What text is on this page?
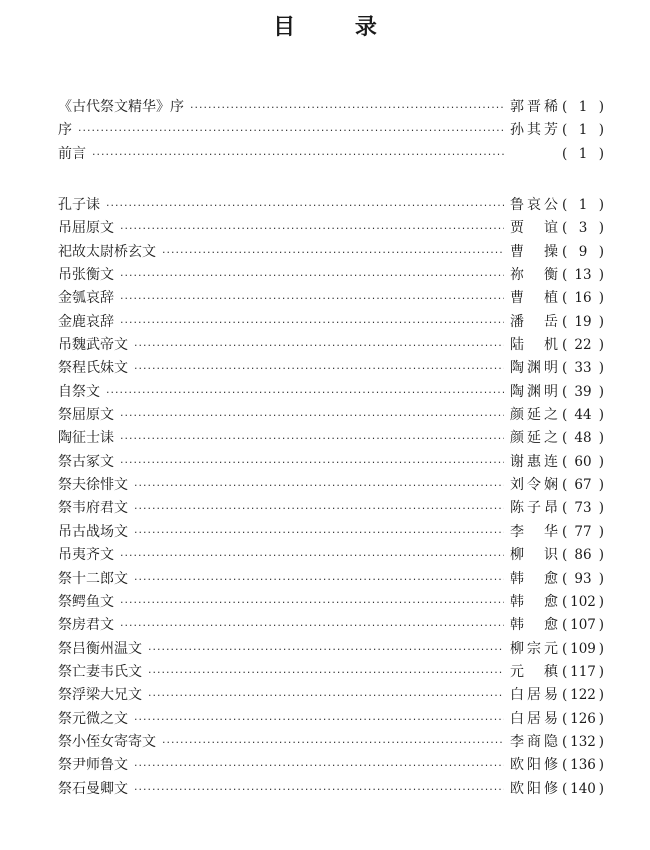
目 录
《古代祭文精华》序 ·····	郭晋稀 ( 1 )
序 ·····	孙其芳 ( 1 )
前言 ·····	( 1 )
孔子诔 ·····	鲁哀公 ( 1 )
吊屈原文 ·····	贾谊 ( 3 )
祀故太尉桥玄文 ·····	曹操 ( 9 )
吊张衡文 ·····	祢衡 ( 13 )
金瓠哀辞 ·····	曹植 ( 16 )
金鹿哀辞 ·····	潘岳 ( 19 )
吊魏武帝文 ·····	陆机 ( 22 )
祭程氏妹文 ·····	陶渊明 ( 33 )
自祭文 ·····	陶渊明 ( 39 )
祭屈原文 ·····	颜延之 ( 44 )
陶征士诔 ·····	颜延之 ( 48 )
祭古冢文 ·····	谢惠连 ( 60 )
祭夫徐悱文 ·····	刘令娴 ( 67 )
祭韦府君文 ·····	陈子昂 ( 73 )
吊古战场文 ·····	李华 ( 77 )
吊夷齐文 ·····	柳识 ( 86 )
祭十二郎文 ·····	韩愈 ( 93 )
祭鳄鱼文 ·····	韩愈 ( 102 )
祭房君文 ·····	韩愈 ( 107 )
祭吕衡州温文 ·····	柳宗元 ( 109 )
祭亡妻韦氏文 ·····	元稹 ( 117 )
祭浮梁大兄文 ·····	白居易 ( 122 )
祭元微之文 ·····	白居易 ( 126 )
祭小侄女寄寄文 ·····	李商隐 ( 132 )
祭尹师鲁文 ·····	欧阳修 ( 136 )
祭石曼卿文 ·····	欧阳修 ( 140 )
